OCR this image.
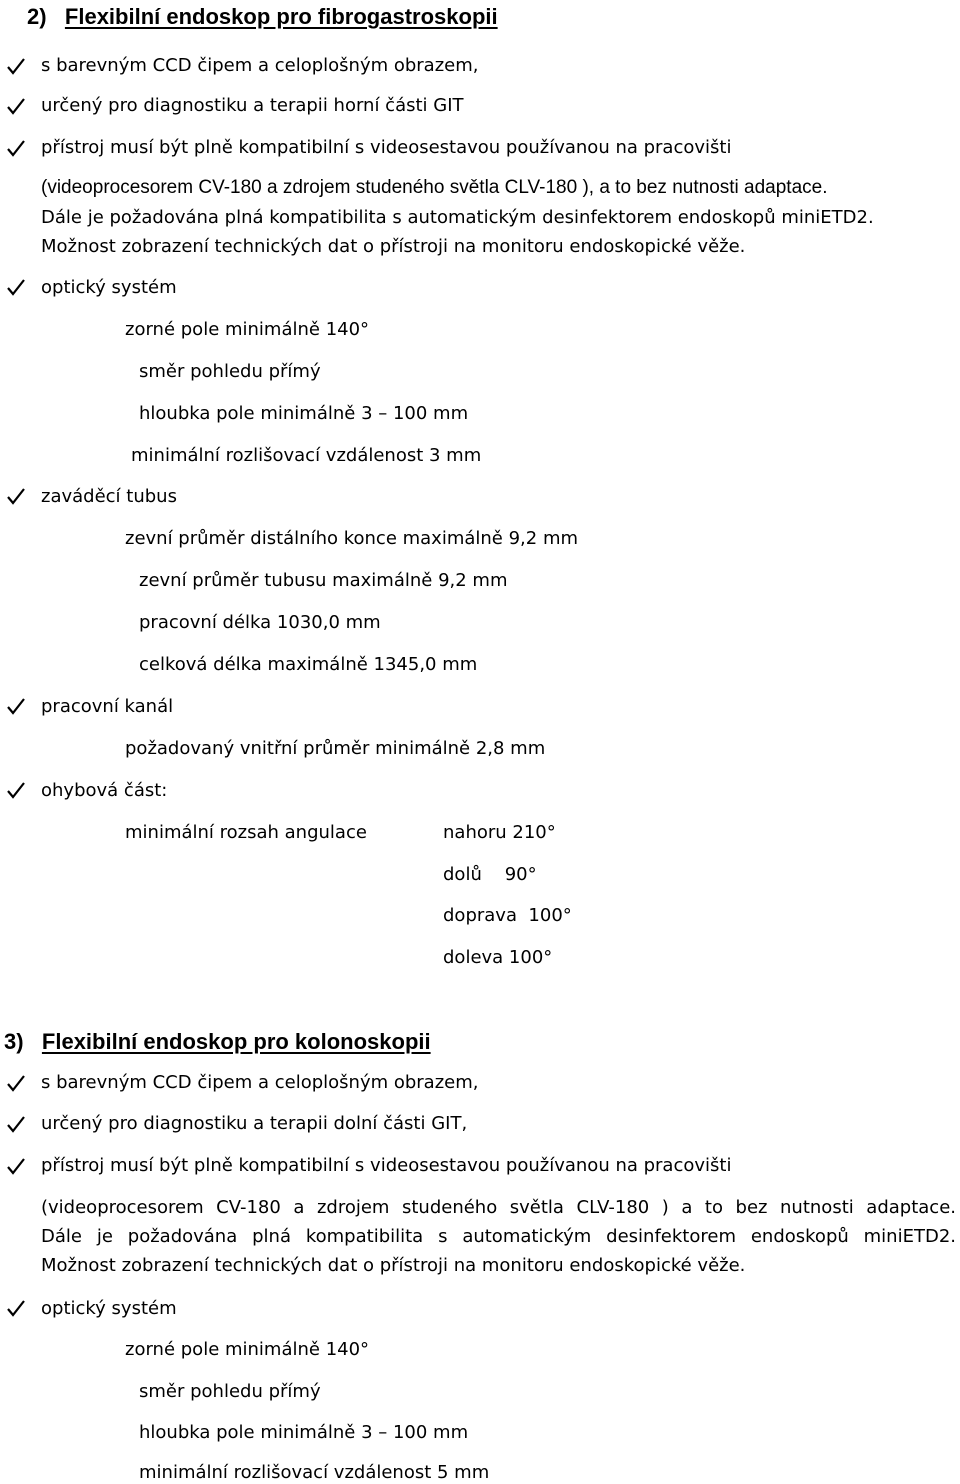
2) Flexibilní endoskop pro fibrogastroskopii
s barevným CCD čipem a celoplošným obrazem,
určený pro diagnostiku a terapii horní části GIT
přístroj musí být plně kompatibilní s videosestavou používanou na pracovišti
(videoprocesorem CV-180 a zdrojem studeného světla CLV-180 ), a to bez nutnosti adaptace.
Dále je požadována plná kompatibilita s automatickým desinfektorem endoskopů miniETD2.
Možnost zobrazení technických dat o přístroji na monitoru endoskopické věže.
optický systém
zorné pole minimálně 140°
směr pohledu přímý
hloubka pole minimálně 3 – 100 mm
minimální rozlišovací vzdálenost 3 mm
zaváděcí tubus
zevní průměr distálního konce maximálně 9,2 mm
zevní průměr tubusu maximálně 9,2 mm
pracovní délka 1030,0 mm
celková délka maximálně 1345,0 mm
pracovní kanál
požadovaný vnitřní průměr minimálně 2,8 mm
ohybová část:
minimální rozsah angulace	nahoru 210°
dolů    90°
doprava  100°
doleva 100°
3) Flexibilní endoskop pro kolonoskopii
s barevným CCD čipem a celoplošným obrazem,
určený pro diagnostiku a terapii dolní části GIT,
přístroj musí být plně kompatibilní s videosestavou používanou na pracovišti
(videoprocesorem CV-180 a zdrojem studeného světla CLV-180 ) a to bez nutnosti adaptace.
Dále je požadována plná kompatibilita s automatickým desinfektorem endoskopů miniETD2.
Možnost zobrazení technických dat o přístroji na monitoru endoskopické věže.
optický systém
zorné pole minimálně 140°
směr pohledu přímý
hloubka pole minimálně 3 – 100 mm
minimální rozlišovací vzdálenost 5 mm
